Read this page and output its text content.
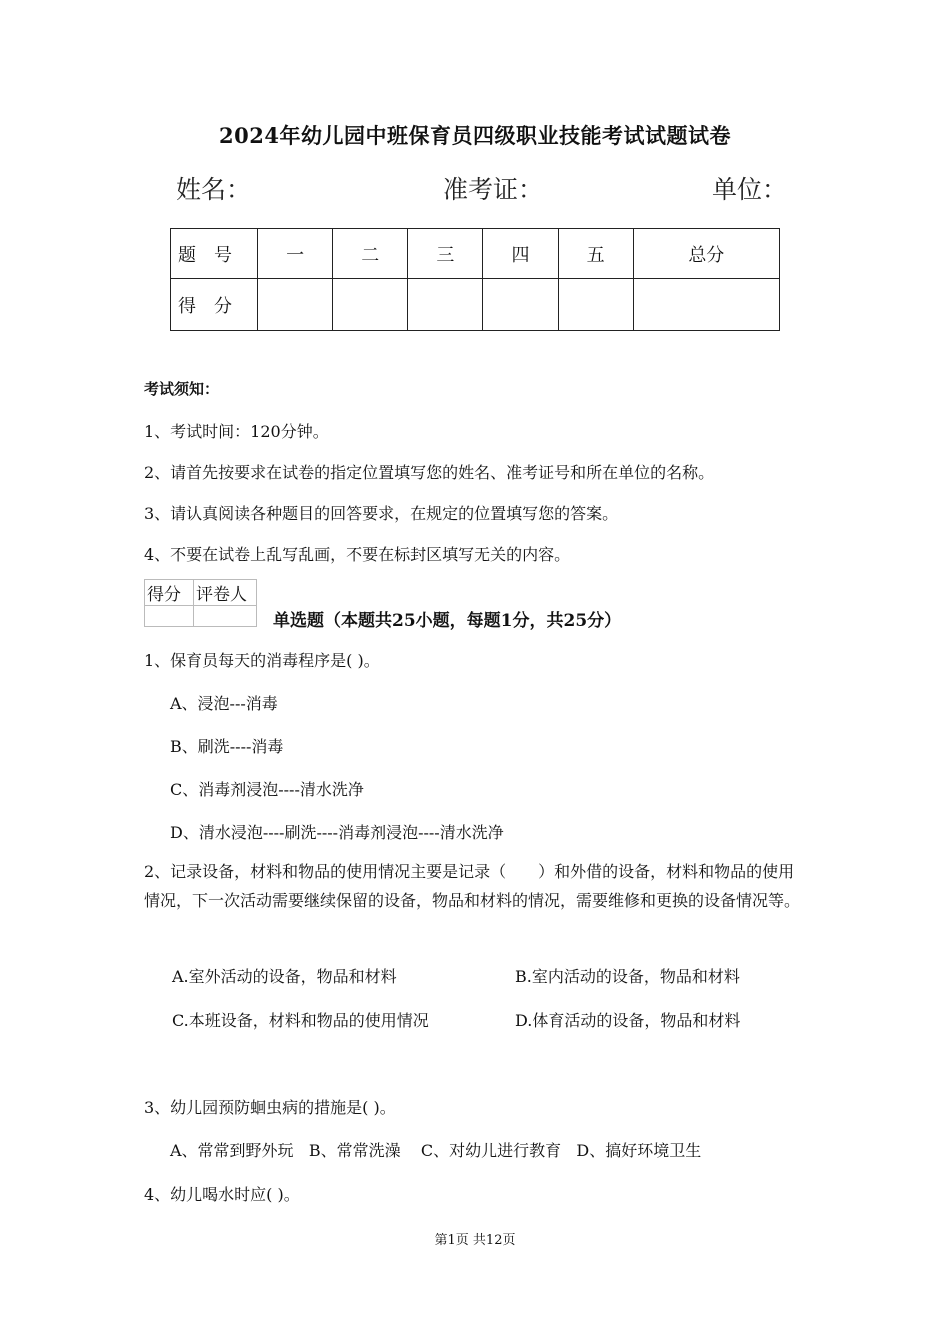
2024年幼儿园中班保育员四级职业技能考试试题试卷
姓名：	准考证：	单位：
题号	一	二	三	四	五	总分
得分						
考试须知：
1、考试时间：120分钟。
2、请首先按要求在试卷的指定位置填写您的姓名、准考证号和所在单位的名称。
3、请认真阅读各种题目的回答要求，在规定的位置填写您的答案。
4、不要在试卷上乱写乱画，不要在标封区填写无关的内容。
得分	评卷人

单选题（本题共25小题，每题1分，共25分）
1、保育员每天的消毒程序是( )。
A、浸泡---消毒
B、刷洗----消毒
C、消毒剂浸泡----清水洗净
D、清水浸泡----刷洗----消毒剂浸泡----清水洗净
2、记录设备，材料和物品的使用情况主要是记录（　　）和外借的设备，材料和物品的使用情况，下一次活动需要继续保留的设备，物品和材料的情况，需要维修和更换的设备情况等。
A.室外活动的设备，物品和材料	B.室内活动的设备，物品和材料
C.本班设备，材料和物品的使用情况	D.体育活动的设备，物品和材料
3、幼儿园预防蛔虫病的措施是( )。
A、常常到野外玩   B、常常洗澡    C、对幼儿进行教育   D、搞好环境卫生
4、幼儿喝水时应( )。
第1页 共12页
